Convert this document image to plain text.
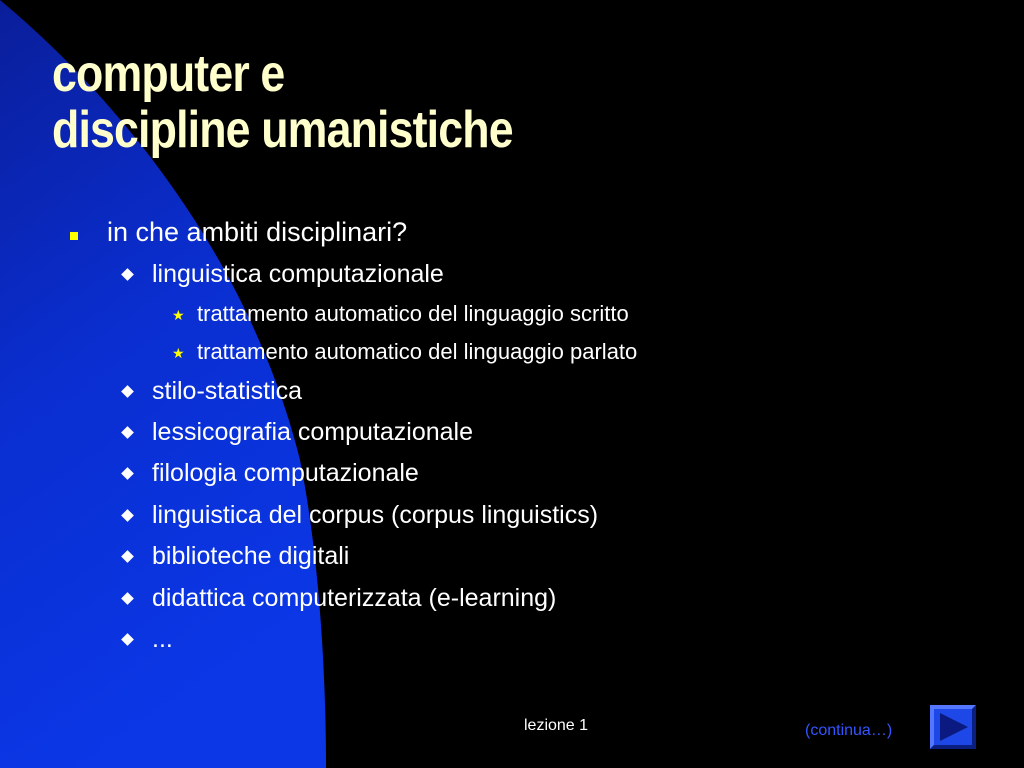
computer e
discipline umanistiche
in che ambiti disciplinari?
linguistica computazionale
★ trattamento automatico del linguaggio scritto
★ trattamento automatico del linguaggio parlato
stilo-statistica
lessicografia computazionale
filologia computazionale
linguistica del corpus (corpus linguistics)
biblioteche digitali
didattica computerizzata (e-learning)
...
lezione 1	(continua…)
